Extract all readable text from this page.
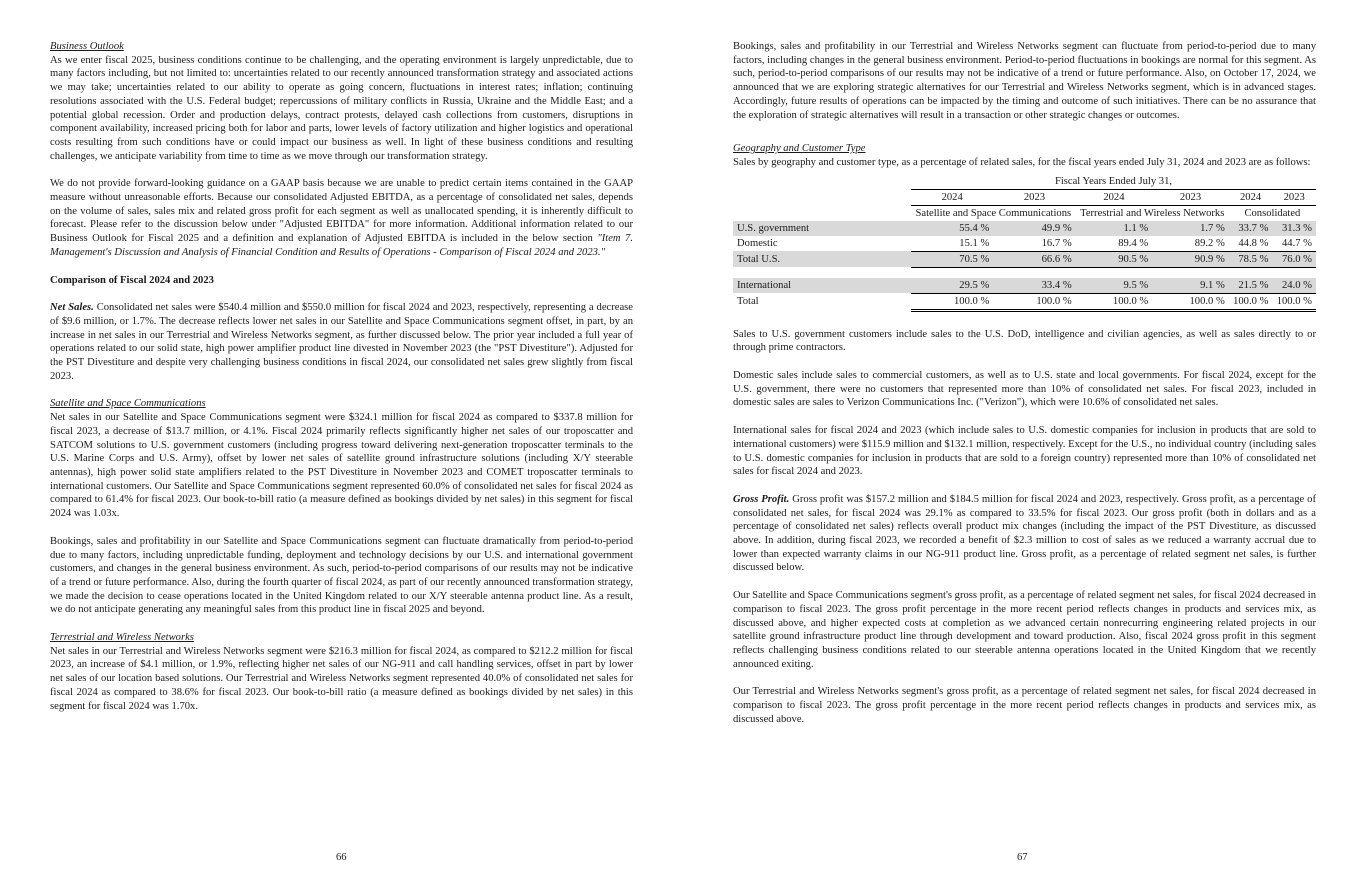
Business Outlook
As we enter fiscal 2025, business conditions continue to be challenging, and the operating environment is largely unpredictable, due to many factors including, but not limited to: uncertainties related to our recently announced transformation strategy and associated actions we may take; uncertainties related to our ability to operate as going concern, fluctuations in interest rates; inflation; continuing resolutions associated with the U.S. Federal budget; repercussions of military conflicts in Russia, Ukraine and the Middle East; and a potential global recession. Order and production delays, contract protests, delayed cash collections from customers, disruptions in component availability, increased pricing both for labor and parts, lower levels of factory utilization and higher logistics and operational costs resulting from such conditions have or could impact our business as well. In light of these business conditions and resulting challenges, we anticipate variability from time to time as we move through our transformation strategy.

We do not provide forward-looking guidance on a GAAP basis because we are unable to predict certain items contained in the GAAP measure without unreasonable efforts. Because our consolidated Adjusted EBITDA, as a percentage of consolidated net sales, depends on the volume of sales, sales mix and related gross profit for each segment as well as unallocated spending, it is inherently difficult to forecast. Please refer to the discussion below under "Adjusted EBITDA" for more information. Additional information related to our Business Outlook for Fiscal 2025 and a definition and explanation of Adjusted EBITDA is included in the below section "Item 7. Management's Discussion and Analysis of Financial Condition and Results of Operations - Comparison of Fiscal 2024 and 2023."

Comparison of Fiscal 2024 and 2023

Net Sales. Consolidated net sales were $540.4 million and $550.0 million for fiscal 2024 and 2023, respectively, representing a decrease of $9.6 million, or 1.7%. The decrease reflects lower net sales in our Satellite and Space Communications segment offset, in part, by an increase in net sales in our Terrestrial and Wireless Networks segment, as further discussed below. The prior year included a full year of operations related to our solid state, high power amplifier product line divested in November 2023 (the "PST Divestiture"). Adjusted for the PST Divestiture and despite very challenging business conditions in fiscal 2024, our consolidated net sales grew slightly from fiscal 2023.

Satellite and Space Communications
Net sales in our Satellite and Space Communications segment were $324.1 million for fiscal 2024 as compared to $337.8 million for fiscal 2023, a decrease of $13.7 million, or 4.1%. Fiscal 2024 primarily reflects significantly higher net sales of our troposcatter and SATCOM solutions to U.S. government customers (including progress toward delivering next-generation troposcatter terminals to the U.S. Marine Corps and U.S. Army), offset by lower net sales of satellite ground infrastructure solutions (including X/Y steerable antennas), high power solid state amplifiers related to the PST Divestiture in November 2023 and COMET troposcatter terminals to international customers. Our Satellite and Space Communications segment represented 60.0% of consolidated net sales for fiscal 2024 as compared to 61.4% for fiscal 2023. Our book-to-bill ratio (a measure defined as bookings divided by net sales) in this segment for fiscal 2024 was 1.03x.

Bookings, sales and profitability in our Satellite and Space Communications segment can fluctuate dramatically from period-to-period due to many factors, including unpredictable funding, deployment and technology decisions by our U.S. and international government customers, and changes in the general business environment. As such, period-to-period comparisons of our results may not be indicative of a trend or future performance. Also, during the fourth quarter of fiscal 2024, as part of our recently announced transformation strategy, we made the decision to cease operations located in the United Kingdom related to our X/Y steerable antenna product line. As a result, we do not anticipate generating any meaningful sales from this product line in fiscal 2025 and beyond.

Terrestrial and Wireless Networks
Net sales in our Terrestrial and Wireless Networks segment were $216.3 million for fiscal 2024, as compared to $212.2 million for fiscal 2023, an increase of $4.1 million, or 1.9%, reflecting higher net sales of our NG-911 and call handling services, offset in part by lower net sales of our location based solutions. Our Terrestrial and Wireless Networks segment represented 40.0% of consolidated net sales for fiscal 2024 as compared to 38.6% for fiscal 2023. Our book-to-bill ratio (a measure defined as bookings divided by net sales) in this segment for fiscal 2024 was 1.70x.

66

Bookings, sales and profitability in our Terrestrial and Wireless Networks segment can fluctuate from period-to-period due to many factors, including changes in the general business environment. Period-to-period fluctuations in bookings are normal for this segment. As such, period-to-period comparisons of our results may not be indicative of a trend or future performance. Also, on October 17, 2024, we announced that we are exploring strategic alternatives for our Terrestrial and Wireless Networks segment, which is in advanced stages. Accordingly, future results of operations can be impacted by the timing and outcome of such initiatives. There can be no assurance that the exploration of strategic alternatives will result in a transaction or other strategic changes or outcomes.

Geography and Customer Type
Sales by geography and customer type, as a percentage of related sales, for the fiscal years ended July 31, 2024 and 2023 are as follows:

	Fiscal Years Ended July 31,					
	2024	2023	2024	2023	2024	2023
	Satellite and Space Communications		Terrestrial and Wireless Networks		Consolidated	
U.S. government	55.4 %	49.9 %	1.1 %	1.7 %	33.7 %	31.3 %
Domestic	15.1 %	16.7 %	89.4 %	89.2 %	44.8 %	44.7 %
Total U.S.	70.5 %	66.6 %	90.5 %	90.9 %	78.5 %	76.0 %

International	29.5 %	33.4 %	9.5 %	9.1 %	21.5 %	24.0 %
Total	100.0 %	100.0 %	100.0 %	100.0 %	100.0 %	100.0 %

Sales to U.S. government customers include sales to the U.S. DoD, intelligence and civilian agencies, as well as sales directly to or through prime contractors.

Domestic sales include sales to commercial customers, as well as to U.S. state and local governments. For fiscal 2024, except for the U.S. government, there were no customers that represented more than 10% of consolidated net sales. For fiscal 2023, included in domestic sales are sales to Verizon Communications Inc. ("Verizon"), which were 10.6% of consolidated net sales.

International sales for fiscal 2024 and 2023 (which include sales to U.S. domestic companies for inclusion in products that are sold to international customers) were $115.9 million and $132.1 million, respectively. Except for the U.S., no individual country (including sales to U.S. domestic companies for inclusion in products that are sold to a foreign country) represented more than 10% of consolidated net sales for fiscal 2024 and 2023.

Gross Profit. Gross profit was $157.2 million and $184.5 million for fiscal 2024 and 2023, respectively. Gross profit, as a percentage of consolidated net sales, for fiscal 2024 was 29.1% as compared to 33.5% for fiscal 2023. Our gross profit (both in dollars and as a percentage of consolidated net sales) reflects overall product mix changes (including the impact of the PST Divestiture, as discussed above. In addition, during fiscal 2023, we recorded a benefit of $2.3 million to cost of sales as we reduced a warranty accrual due to lower than expected warranty claims in our NG-911 product line. Gross profit, as a percentage of related segment net sales, is further discussed below.

Our Satellite and Space Communications segment's gross profit, as a percentage of related segment net sales, for fiscal 2024 decreased in comparison to fiscal 2023. The gross profit percentage in the more recent period reflects changes in products and services mix, as discussed above, and higher expected costs at completion as we advanced certain nonrecurring engineering related projects in our satellite ground infrastructure product line through development and toward production. Also, fiscal 2024 gross profit in this segment reflects challenging business conditions related to our steerable antenna operations located in the United Kingdom that we recently announced exiting.

Our Terrestrial and Wireless Networks segment's gross profit, as a percentage of related segment net sales, for fiscal 2024 decreased in comparison to fiscal 2023. The gross profit percentage in the more recent period reflects changes in products and services mix, as discussed above.

67
